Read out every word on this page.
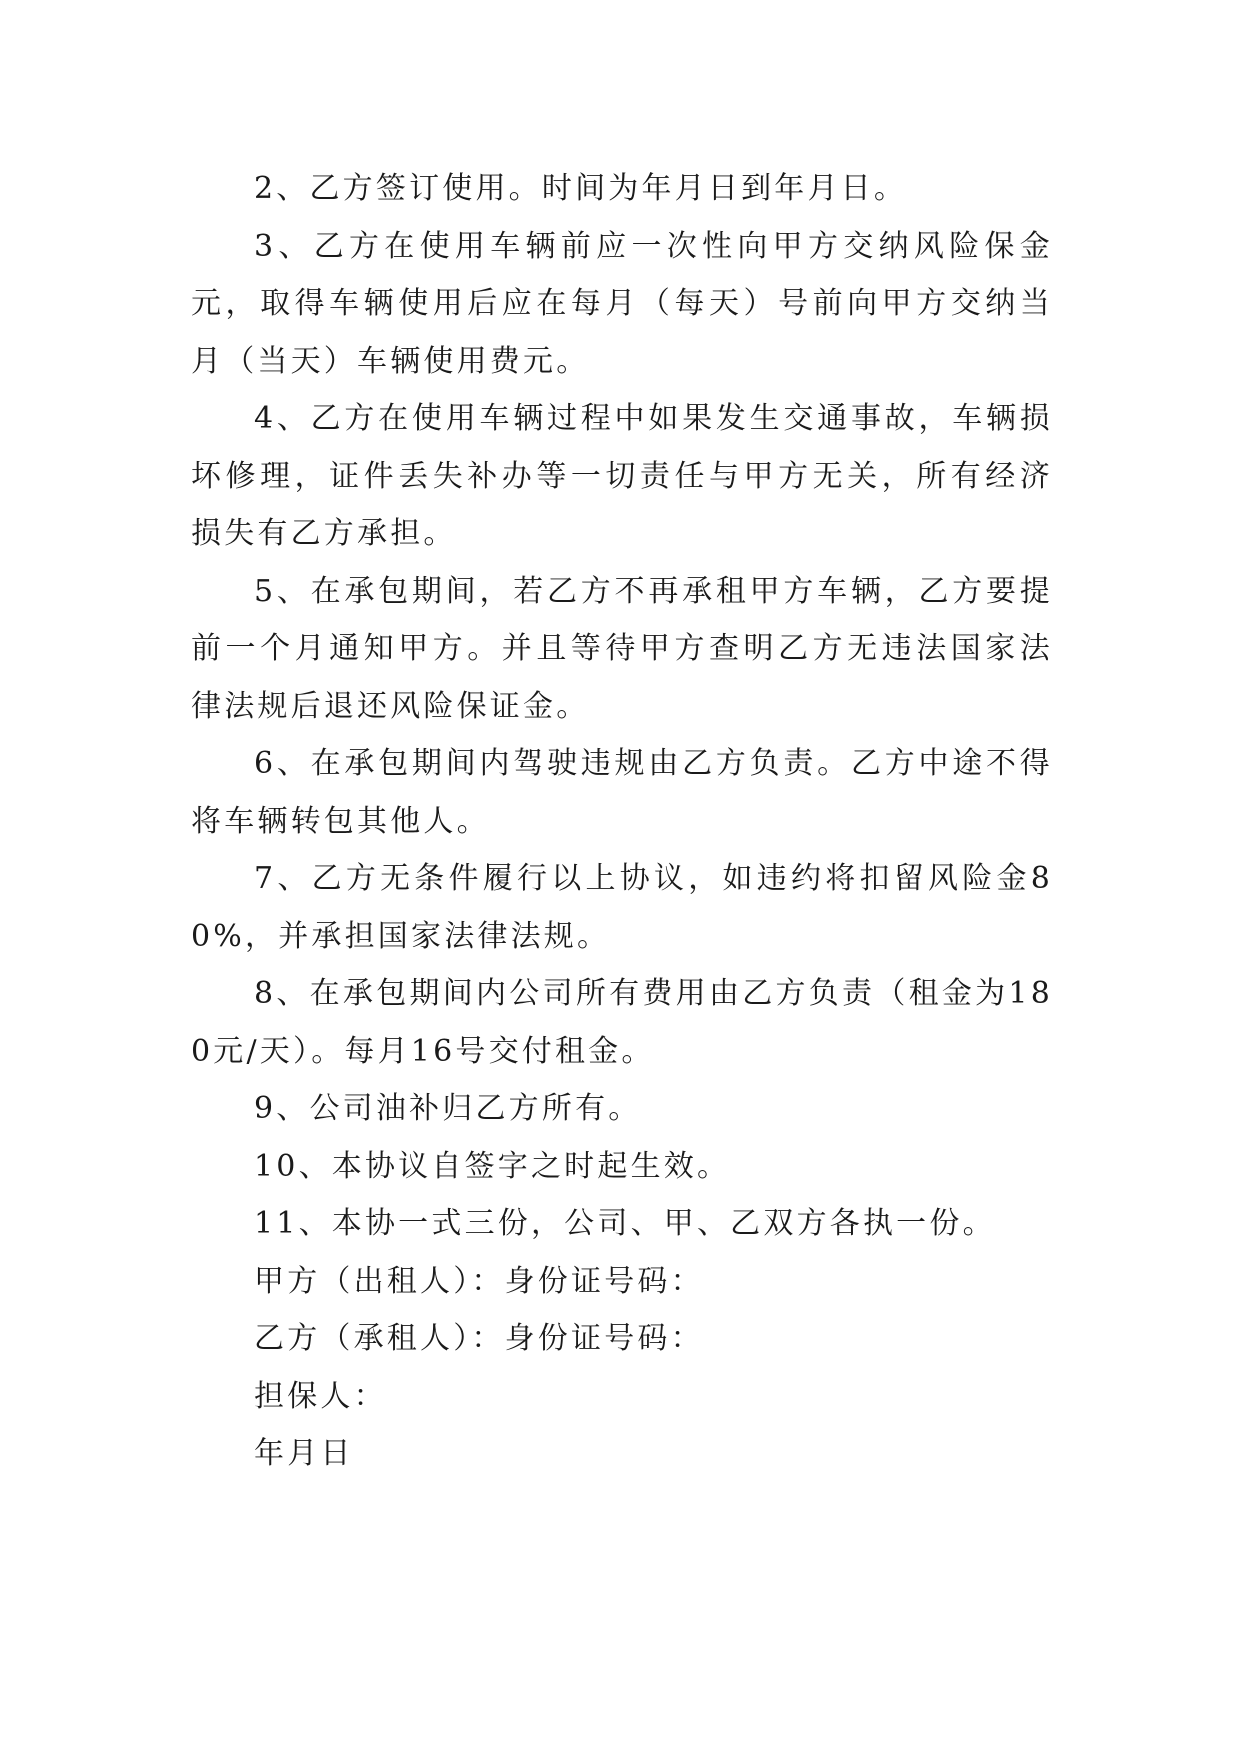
2、乙方签订使用。时间为年月日到年月日。

3、乙方在使用车辆前应一次性向甲方交纳风险保金元，取得车辆使用后应在每月（每天）号前向甲方交纳当月（当天）车辆使用费元。

4、乙方在使用车辆过程中如果发生交通事故，车辆损坏修理，证件丢失补办等一切责任与甲方无关，所有经济损失有乙方承担。

5、在承包期间，若乙方不再承租甲方车辆，乙方要提前一个月通知甲方。并且等待甲方查明乙方无违法国家法律法规后退还风险保证金。

6、在承包期间内驾驶违规由乙方负责。乙方中途不得将车辆转包其他人。

7、乙方无条件履行以上协议，如违约将扣留风险金80%，并承担国家法律法规。

8、在承包期间内公司所有费用由乙方负责（租金为180元/天）。每月16号交付租金。

9、公司油补归乙方所有。

10、本协议自签字之时起生效。

11、本协一式三份，公司、甲、乙双方各执一份。

甲方（出租人）：身份证号码：

乙方（承租人）：身份证号码：

担保人：

年月日
